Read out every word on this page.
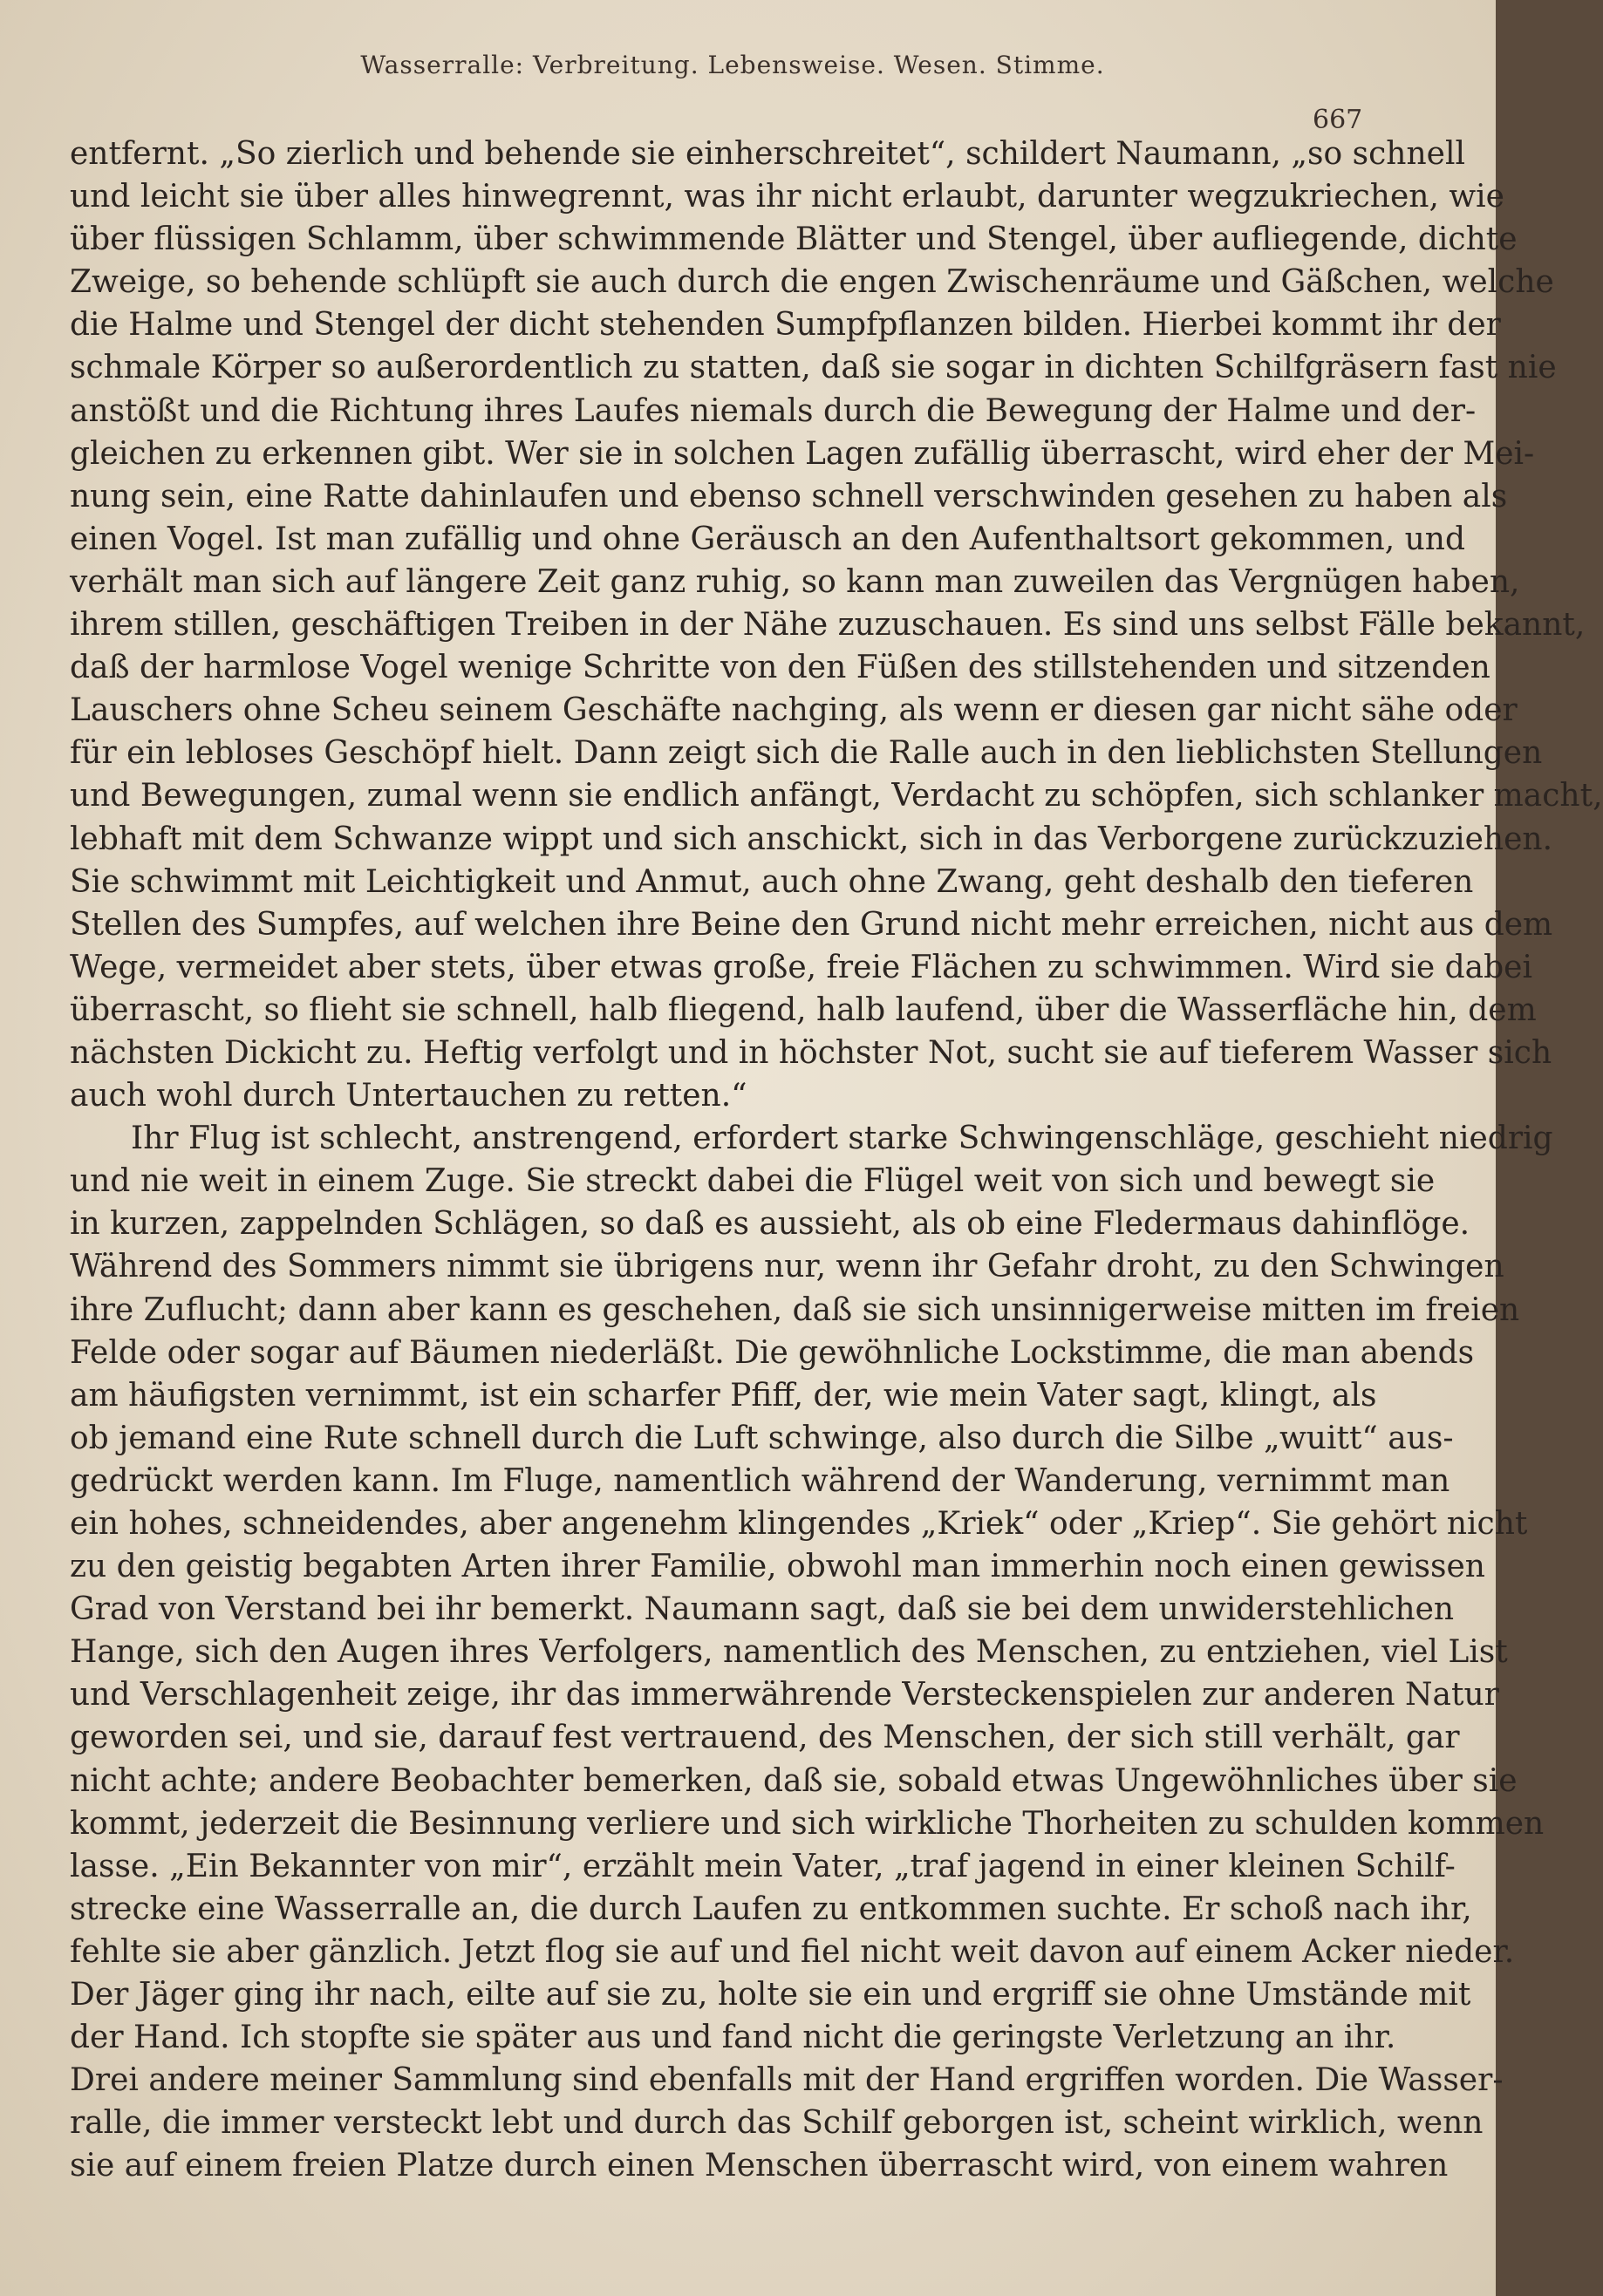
Wasserralle: Verbreitung. Lebensweise. Wesen. Stimme.
667
entfernt. „So zierlich und behende sie einherschreitet“, schildert Naumann, „so schnell
und leicht sie über alles hinwegrennt, was ihr nicht erlaubt, darunter wegzukriechen, wie
über flüssigen Schlamm, über schwimmende Blätter und Stengel, über aufliegende, dichte
Zweige, so behende schlüpft sie auch durch die engen Zwischenräume und Gäßchen, welche
die Halme und Stengel der dicht stehenden Sumpfpflanzen bilden. Hierbei kommt ihr der
schmale Körper so außerordentlich zu statten, daß sie sogar in dichten Schilfgräsern fast nie
anstößt und die Richtung ihres Laufes niemals durch die Bewegung der Halme und der-
gleichen zu erkennen gibt. Wer sie in solchen Lagen zufällig überrascht, wird eher der Mei-
nung sein, eine Ratte dahinlaufen und ebenso schnell verschwinden gesehen zu haben als
einen Vogel. Ist man zufällig und ohne Geräusch an den Aufenthaltsort gekommen, und
verhält man sich auf längere Zeit ganz ruhig, so kann man zuweilen das Vergnügen haben,
ihrem stillen, geschäftigen Treiben in der Nähe zuzuschauen. Es sind uns selbst Fälle bekannt,
daß der harmlose Vogel wenige Schritte von den Füßen des stillstehenden und sitzenden
Lauschers ohne Scheu seinem Geschäfte nachging, als wenn er diesen gar nicht sähe oder
für ein lebloses Geschöpf hielt. Dann zeigt sich die Ralle auch in den lieblichsten Stellungen
und Bewegungen, zumal wenn sie endlich anfängt, Verdacht zu schöpfen, sich schlanker macht,
lebhaft mit dem Schwanze wippt und sich anschickt, sich in das Verborgene zurückzuziehen.
Sie schwimmt mit Leichtigkeit und Anmut, auch ohne Zwang, geht deshalb den tieferen
Stellen des Sumpfes, auf welchen ihre Beine den Grund nicht mehr erreichen, nicht aus dem
Wege, vermeidet aber stets, über etwas große, freie Flächen zu schwimmen. Wird sie dabei
überrascht, so flieht sie schnell, halb fliegend, halb laufend, über die Wasserfläche hin, dem
nächsten Dickicht zu. Heftig verfolgt und in höchster Not, sucht sie auf tieferem Wasser sich
auch wohl durch Untertauchen zu retten.“
Ihr Flug ist schlecht, anstrengend, erfordert starke Schwingenschläge, geschieht niedrig
und nie weit in einem Zuge. Sie streckt dabei die Flügel weit von sich und bewegt sie
in kurzen, zappelnden Schlägen, so daß es aussieht, als ob eine Fledermaus dahinflöge.
Während des Sommers nimmt sie übrigens nur, wenn ihr Gefahr droht, zu den Schwingen
ihre Zuflucht; dann aber kann es geschehen, daß sie sich unsinnigerweise mitten im freien
Felde oder sogar auf Bäumen niederläßt. Die gewöhnliche Lockstimme, die man abends
am häufigsten vernimmt, ist ein scharfer Pfiff, der, wie mein Vater sagt, klingt, als
ob jemand eine Rute schnell durch die Luft schwinge, also durch die Silbe „wuitt“ aus-
gedrückt werden kann. Im Fluge, namentlich während der Wanderung, vernimmt man
ein hohes, schneidendes, aber angenehm klingendes „Kriek“ oder „Kriep“. Sie gehört nicht
zu den geistig begabten Arten ihrer Familie, obwohl man immerhin noch einen gewissen
Grad von Verstand bei ihr bemerkt. Naumann sagt, daß sie bei dem unwiderstehlichen
Hange, sich den Augen ihres Verfolgers, namentlich des Menschen, zu entziehen, viel List
und Verschlagenheit zeige, ihr das immerwährende Versteckenspielen zur anderen Natur
geworden sei, und sie, darauf fest vertrauend, des Menschen, der sich still verhält, gar
nicht achte; andere Beobachter bemerken, daß sie, sobald etwas Ungewöhnliches über sie
kommt, jederzeit die Besinnung verliere und sich wirkliche Thorheiten zu schulden kommen
lasse. „Ein Bekannter von mir“, erzählt mein Vater, „traf jagend in einer kleinen Schilf-
strecke eine Wasserralle an, die durch Laufen zu entkommen suchte. Er schoß nach ihr,
fehlte sie aber gänzlich. Jetzt flog sie auf und fiel nicht weit davon auf einem Acker nieder.
Der Jäger ging ihr nach, eilte auf sie zu, holte sie ein und ergriff sie ohne Umstände mit
der Hand. Ich stopfte sie später aus und fand nicht die geringste Verletzung an ihr.
Drei andere meiner Sammlung sind ebenfalls mit der Hand ergriffen worden. Die Wasser-
ralle, die immer versteckt lebt und durch das Schilf geborgen ist, scheint wirklich, wenn
sie auf einem freien Platze durch einen Menschen überrascht wird, von einem wahren
